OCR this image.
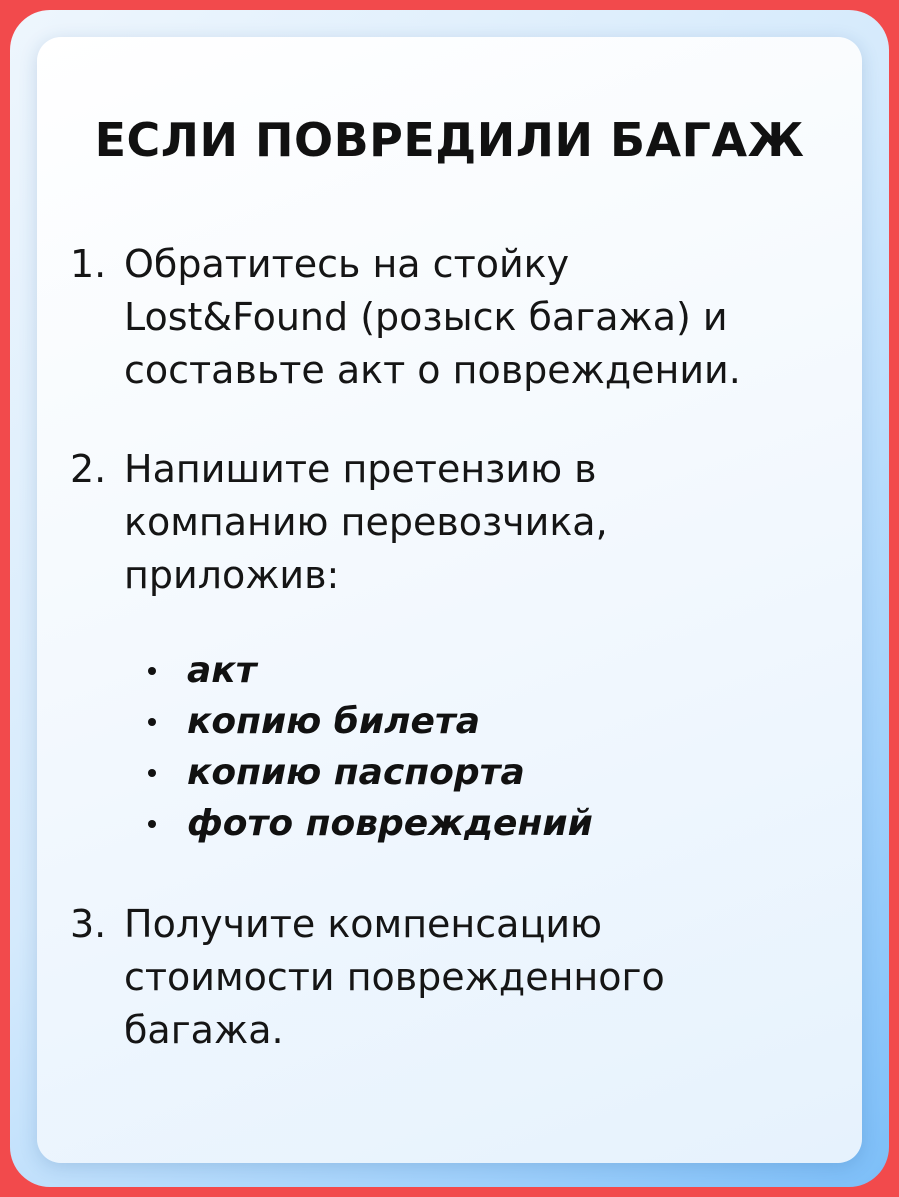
ЕСЛИ ПОВРЕДИЛИ БАГАЖ
1. Обратитесь на стойку
Lost&Found (розыск багажа) и
составьте акт о повреждении.
2. Напишите претензию в
компанию перевозчика,
приложив:
акт
копию билета
копию паспорта
фото повреждений
3. Получите компенсацию
стоимости поврежденного
багажа.
